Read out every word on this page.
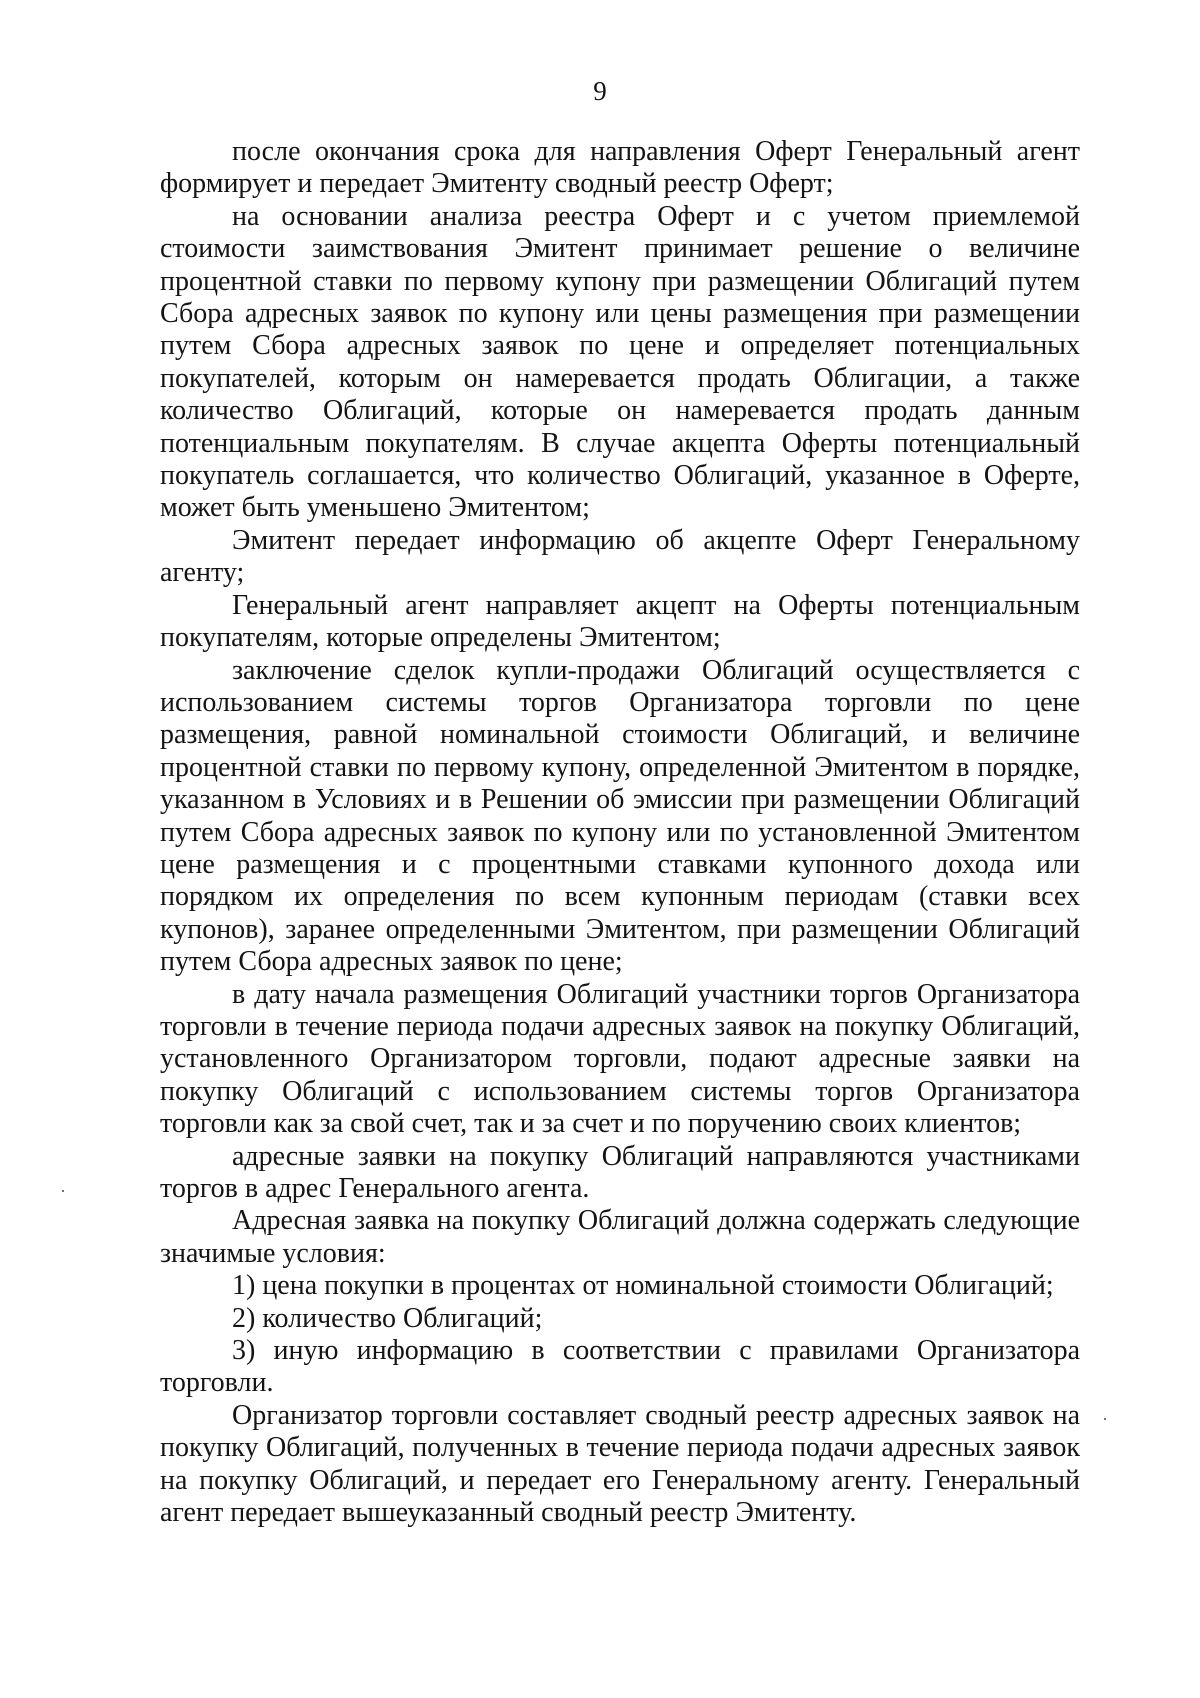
9

после окончания срока для направления Оферт Генеральный агент формирует и передает Эмитенту сводный реестр Оферт;

на основании анализа реестра Оферт и с учетом приемлемой стоимости заимствования Эмитент принимает решение о величине процентной ставки по первому купону при размещении Облигаций путем Сбора адресных заявок по купону или цены размещения при размещении путем Сбора адресных заявок по цене и определяет потенциальных покупателей, которым он намеревается продать Облигации, а также количество Облигаций, которые он намеревается продать данным потенциальным покупателям. В случае акцепта Оферты потенциальный покупатель соглашается, что количество Облигаций, указанное в Оферте, может быть уменьшено Эмитентом;

Эмитент передает информацию об акцепте Оферт Генеральному агенту;

Генеральный агент направляет акцепт на Оферты потенциальным покупателям, которые определены Эмитентом;

заключение сделок купли-продажи Облигаций осуществляется с использованием системы торгов Организатора торговли по цене размещения, равной номинальной стоимости Облигаций, и величине процентной ставки по первому купону, определенной Эмитентом в порядке, указанном в Условиях и в Решении об эмиссии при размещении Облигаций путем Сбора адресных заявок по купону или по установленной Эмитентом цене размещения и с процентными ставками купонного дохода или порядком их определения по всем купонным периодам (ставки всех купонов), заранее определенными Эмитентом, при размещении Облигаций путем Сбора адресных заявок по цене;

в дату начала размещения Облигаций участники торгов Организатора торговли в течение периода подачи адресных заявок на покупку Облигаций, установленного Организатором торговли, подают адресные заявки на покупку Облигаций с использованием системы торгов Организатора торговли как за свой счет, так и за счет и по поручению своих клиентов;

адресные заявки на покупку Облигаций направляются участниками торгов в адрес Генерального агента.

Адресная заявка на покупку Облигаций должна содержать следующие значимые условия:

1) цена покупки в процентах от номинальной стоимости Облигаций;

2) количество Облигаций;

3) иную информацию в соответствии с правилами Организатора торговли.

Организатор торговли составляет сводный реестр адресных заявок на покупку Облигаций, полученных в течение периода подачи адресных заявок на покупку Облигаций, и передает его Генеральному агенту. Генеральный агент передает вышеуказанный сводный реестр Эмитенту.
